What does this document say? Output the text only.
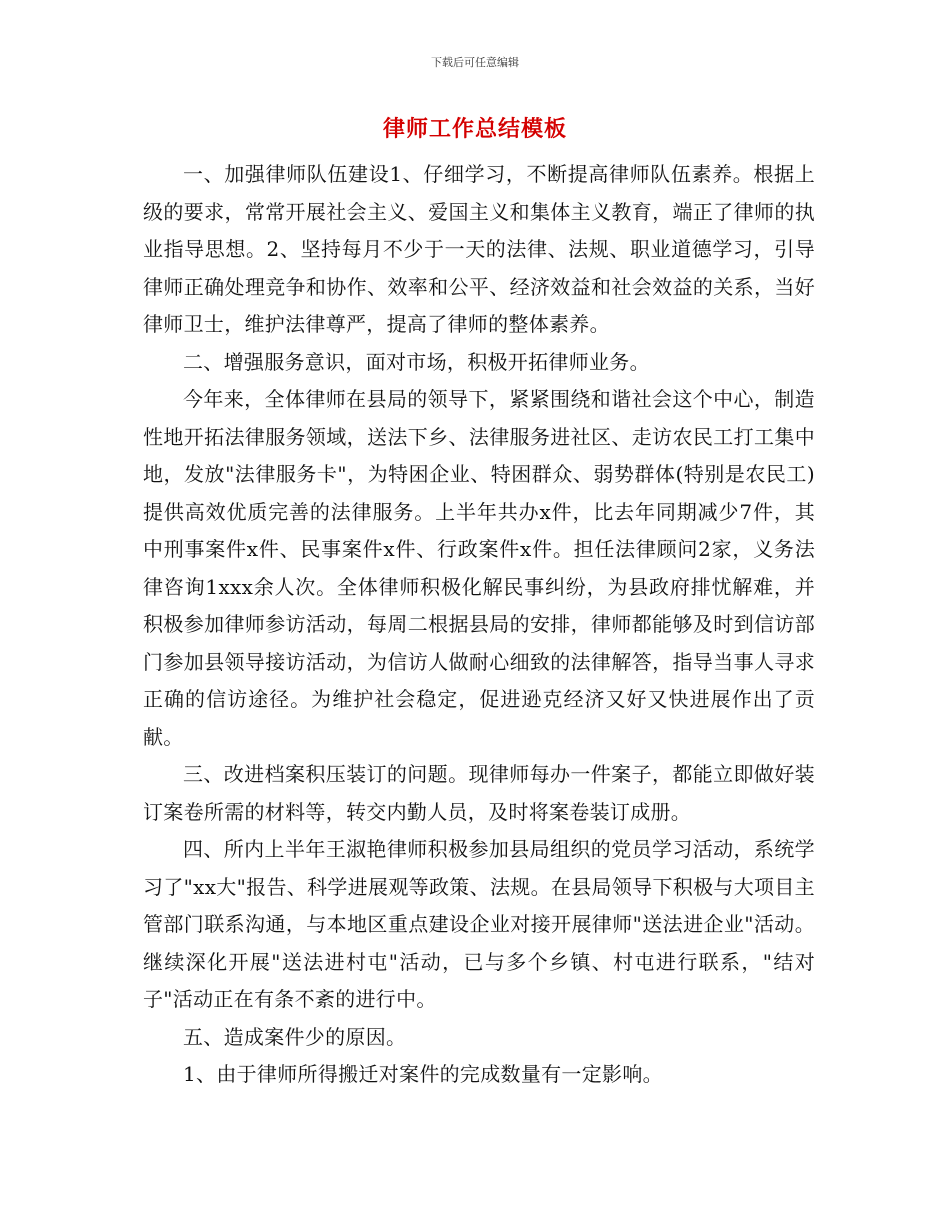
下载后可任意编辑
律师工作总结模板

一、加强律师队伍建设1、仔细学习，不断提高律师队伍素养。根据上级的要求，常常开展社会主义、爱国主义和集体主义教育，端正了律师的执业指导思想。2、坚持每月不少于一天的法律、法规、职业道德学习，引导律师正确处理竞争和协作、效率和公平、经济效益和社会效益的关系，当好律师卫士，维护法律尊严，提高了律师的整体素养。

二、增强服务意识，面对市场，积极开拓律师业务。

今年来，全体律师在县局的领导下，紧紧围绕和谐社会这个中心，制造性地开拓法律服务领域，送法下乡、法律服务进社区、走访农民工打工集中地，发放"法律服务卡"，为特困企业、特困群众、弱势群体(特别是农民工)提供高效优质完善的法律服务。上半年共办x件，比去年同期减少7件，其中刑事案件x件、民事案件x件、行政案件x件。担任法律顾问2家，义务法律咨询1xxx余人次。全体律师积极化解民事纠纷，为县政府排忧解难，并积极参加律师参访活动，每周二根据县局的安排，律师都能够及时到信访部门参加县领导接访活动，为信访人做耐心细致的法律解答，指导当事人寻求正确的信访途径。为维护社会稳定，促进逊克经济又好又快进展作出了贡献。

三、改进档案积压装订的问题。现律师每办一件案子，都能立即做好装订案卷所需的材料等，转交内勤人员，及时将案卷装订成册。

四、所内上半年王淑艳律师积极参加县局组织的党员学习活动，系统学习了"xx大"报告、科学进展观等政策、法规。在县局领导下积极与大项目主管部门联系沟通，与本地区重点建设企业对接开展律师"送法进企业"活动。继续深化开展"送法进村屯"活动，已与多个乡镇、村屯进行联系，"结对子"活动正在有条不紊的进行中。

五、造成案件少的原因。

1、由于律师所得搬迁对案件的完成数量有一定影响。
